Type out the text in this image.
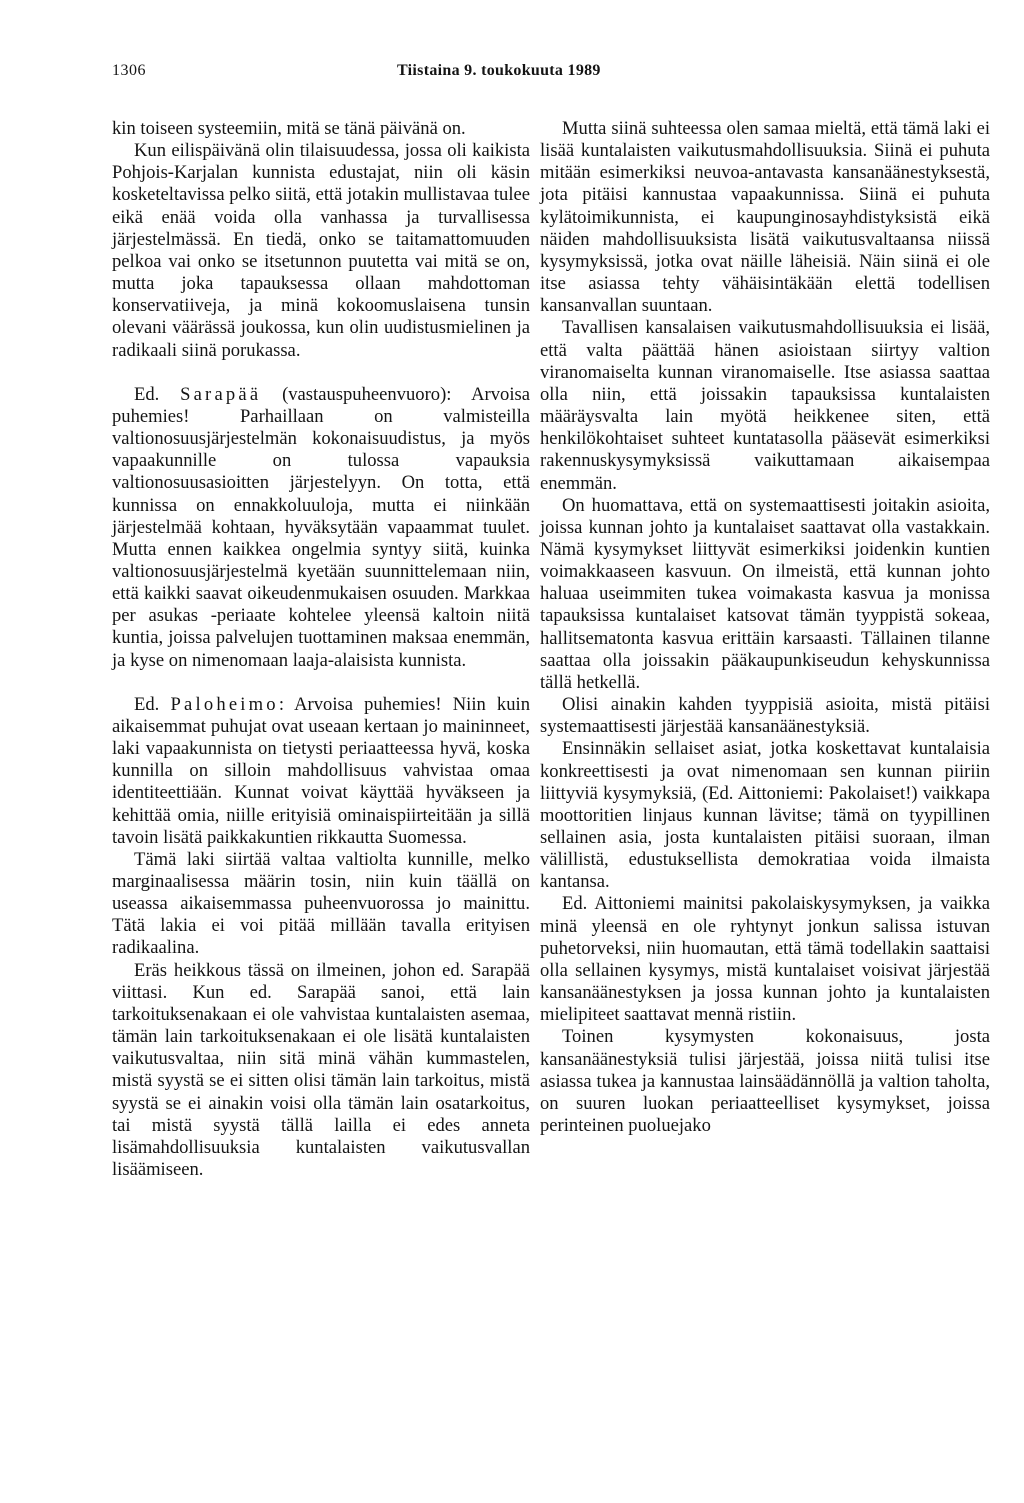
1306	Tiistaina 9. toukokuuta 1989

kin toiseen systeemiin, mitä se tänä päivänä on.

Kun eilispäivänä olin tilaisuudessa, jossa oli kaikista Pohjois-Karjalan kunnista edustajat, niin oli käsin kosketeltavissa pelko siitä, että jotakin mullistavaa tulee eikä enää voida olla vanhassa ja turvallisessa järjestelmässä. En tiedä, onko se taitamattomuuden pelkoa vai onko se itsetunnon puutetta vai mitä se on, mutta joka tapauksessa ollaan mahdottoman konservatiiveja, ja minä kokoomuslaisena tunsin olevani väärässä joukossa, kun olin uudistusmielinen ja radikaali siinä porukassa.

Ed. Sarapää (vastauspuheenvuoro): Arvoisa puhemies! Parhaillaan on valmisteilla valtionosuusjärjestelmän kokonaisuudistus, ja myös vapaakunnille on tulossa vapauksia valtionosuusasioitten järjestelyyn. On totta, että kunnissa on ennakkoluuloja, mutta ei niinkään järjestelmää kohtaan, hyväksytään vapaammat tuulet. Mutta ennen kaikkea ongelmia syntyy siitä, kuinka valtionosuusjärjestelmä kyetään suunnittelemaan niin, että kaikki saavat oikeudenmukaisen osuuden. Markkaa per asukas -periaate kohtelee yleensä kaltoin niitä kuntia, joissa palvelujen tuottaminen maksaa enemmän, ja kyse on nimenomaan laaja-alaisista kunnista.

Ed. Paloheimo: Arvoisa puhemies! Niin kuin aikaisemmat puhujat ovat useaan kertaan jo maininneet, laki vapaakunnista on tietysti periaatteessa hyvä, koska kunnilla on silloin mahdollisuus vahvistaa omaa identiteettiään. Kunnat voivat käyttää hyväkseen ja kehittää omia, niille erityisiä ominaispiirteitään ja sillä tavoin lisätä paikkakuntien rikkautta Suomessa.

Tämä laki siirtää valtaa valtiolta kunnille, melko marginaalisessa määrin tosin, niin kuin täällä on useassa aikaisemmassa puheenvuorossa jo mainittu. Tätä lakia ei voi pitää millään tavalla erityisen radikaalina.

Eräs heikkous tässä on ilmeinen, johon ed. Sarapää viittasi. Kun ed. Sarapää sanoi, että lain tarkoituksenakaan ei ole vahvistaa kuntalaisten asemaa, tämän lain tarkoituksenakaan ei ole lisätä kuntalaisten vaikutusvaltaa, niin sitä minä vähän kummastelen, mistä syystä se ei sitten olisi tämän lain tarkoitus, mistä syystä se ei ainakin voisi olla tämän lain osatarkoitus, tai mistä syystä tällä lailla ei edes anneta lisämahdollisuuksia kuntalaisten vaikutusvallan lisäämiseen.

Mutta siinä suhteessa olen samaa mieltä, että tämä laki ei lisää kuntalaisten vaikutusmahdollisuuksia. Siinä ei puhuta mitään esimerkiksi neuvoa-antavasta kansanäänestyksestä, jota pitäisi kannustaa vapaakunnissa. Siinä ei puhuta kylätoimikunnista, ei kaupunginosayhdistyksistä eikä näiden mahdollisuuksista lisätä vaikutusvaltaansa niissä kysymyksissä, jotka ovat näille läheisiä. Näin siinä ei ole itse asiassa tehty vähäisintäkään elettä todellisen kansanvallan suuntaan.

Tavallisen kansalaisen vaikutusmahdollisuuksia ei lisää, että valta päättää hänen asioistaan siirtyy valtion viranomaiselta kunnan viranomaiselle. Itse asiassa saattaa olla niin, että joissakin tapauksissa kuntalaisten määräysvalta lain myötä heikkenee siten, että henkilökohtaiset suhteet kuntatasolla pääsevät esimerkiksi rakennuskysymyksissä vaikuttamaan aikaisempaa enemmän.

On huomattava, että on systemaattisesti joitakin asioita, joissa kunnan johto ja kuntalaiset saattavat olla vastakkain. Nämä kysymykset liittyvät esimerkiksi joidenkin kuntien voimakkaaseen kasvuun. On ilmeistä, että kunnan johto haluaa useimmiten tukea voimakasta kasvua ja monissa tapauksissa kuntalaiset katsovat tämän tyyppistä sokeaa, hallitsematonta kasvua erittäin karsaasti. Tällainen tilanne saattaa olla joissakin pääkaupunkiseudun kehyskunnissa tällä hetkellä.

Olisi ainakin kahden tyyppisiä asioita, mistä pitäisi systemaattisesti järjestää kansanäänestyksiä.

Ensinnäkin sellaiset asiat, jotka koskettavat kuntalaisia konkreettisesti ja ovat nimenomaan sen kunnan piiriin liittyviä kysymyksiä, (Ed. Aittoniemi: Pakolaiset!) vaikkapa moottoritien linjaus kunnan lävitse; tämä on tyypillinen sellainen asia, josta kuntalaisten pitäisi suoraan, ilman välillistä, edustuksellista demokratiaa voida ilmaista kantansa.

Ed. Aittoniemi mainitsi pakolaiskysymyksen, ja vaikka minä yleensä en ole ryhtynyt jonkun salissa istuvan puhetorveksi, niin huomautan, että tämä todellakin saattaisi olla sellainen kysymys, mistä kuntalaiset voisivat järjestää kansanäänestyksen ja jossa kunnan johto ja kuntalaisten mielipiteet saattavat mennä ristiin.

Toinen kysymysten kokonaisuus, josta kansanäänestyksiä tulisi järjestää, joissa niitä tulisi itse asiassa tukea ja kannustaa lainsäädännöllä ja valtion taholta, on suuren luokan periaatteelliset kysymykset, joissa perinteinen puoluejako
